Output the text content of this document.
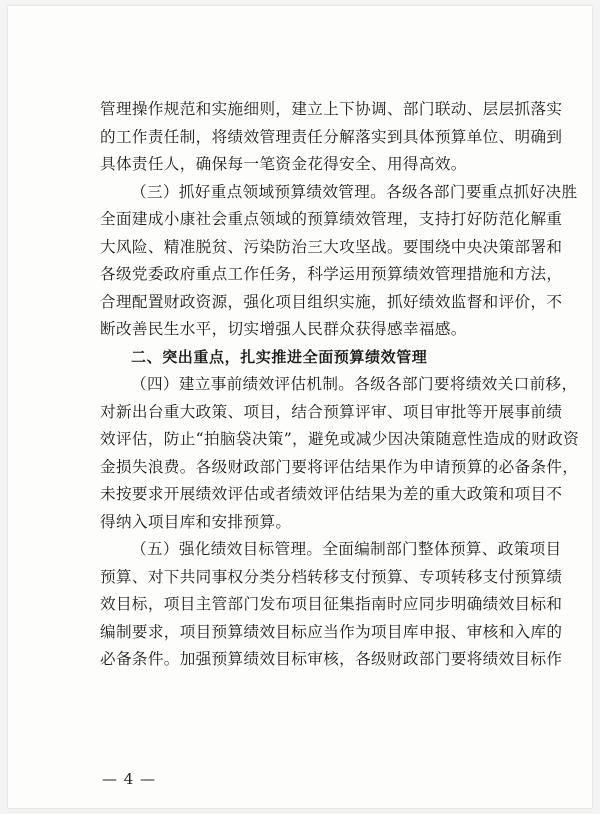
管理操作规范和实施细则，建立上下协调、部门联动、层层抓落实
的工作责任制，将绩效管理责任分解落实到具体预算单位、明确到
具体责任人，确保每一笔资金花得安全、用得高效。
（三）抓好重点领域预算绩效管理。各级各部门要重点抓好决胜
全面建成小康社会重点领域的预算绩效管理，支持打好防范化解重
大风险、精准脱贫、污染防治三大攻坚战。要围绕中央决策部署和
各级党委政府重点工作任务，科学运用预算绩效管理措施和方法，
合理配置财政资源，强化项目组织实施，抓好绩效监督和评价，不
断改善民生水平，切实增强人民群众获得感幸福感。
二、突出重点，扎实推进全面预算绩效管理
（四）建立事前绩效评估机制。各级各部门要将绩效关口前移，
对新出台重大政策、项目，结合预算评审、项目审批等开展事前绩
效评估，防止“拍脑袋决策”，避免或减少因决策随意性造成的财政资
金损失浪费。各级财政部门要将评估结果作为申请预算的必备条件，
未按要求开展绩效评估或者绩效评估结果为差的重大政策和项目不
得纳入项目库和安排预算。
（五）强化绩效目标管理。全面编制部门整体预算、政策项目
预算、对下共同事权分类分档转移支付预算、专项转移支付预算绩
效目标，项目主管部门发布项目征集指南时应同步明确绩效目标和
编制要求，项目预算绩效目标应当作为项目库申报、审核和入库的
必备条件。加强预算绩效目标审核，各级财政部门要将绩效目标作
— 4 —
